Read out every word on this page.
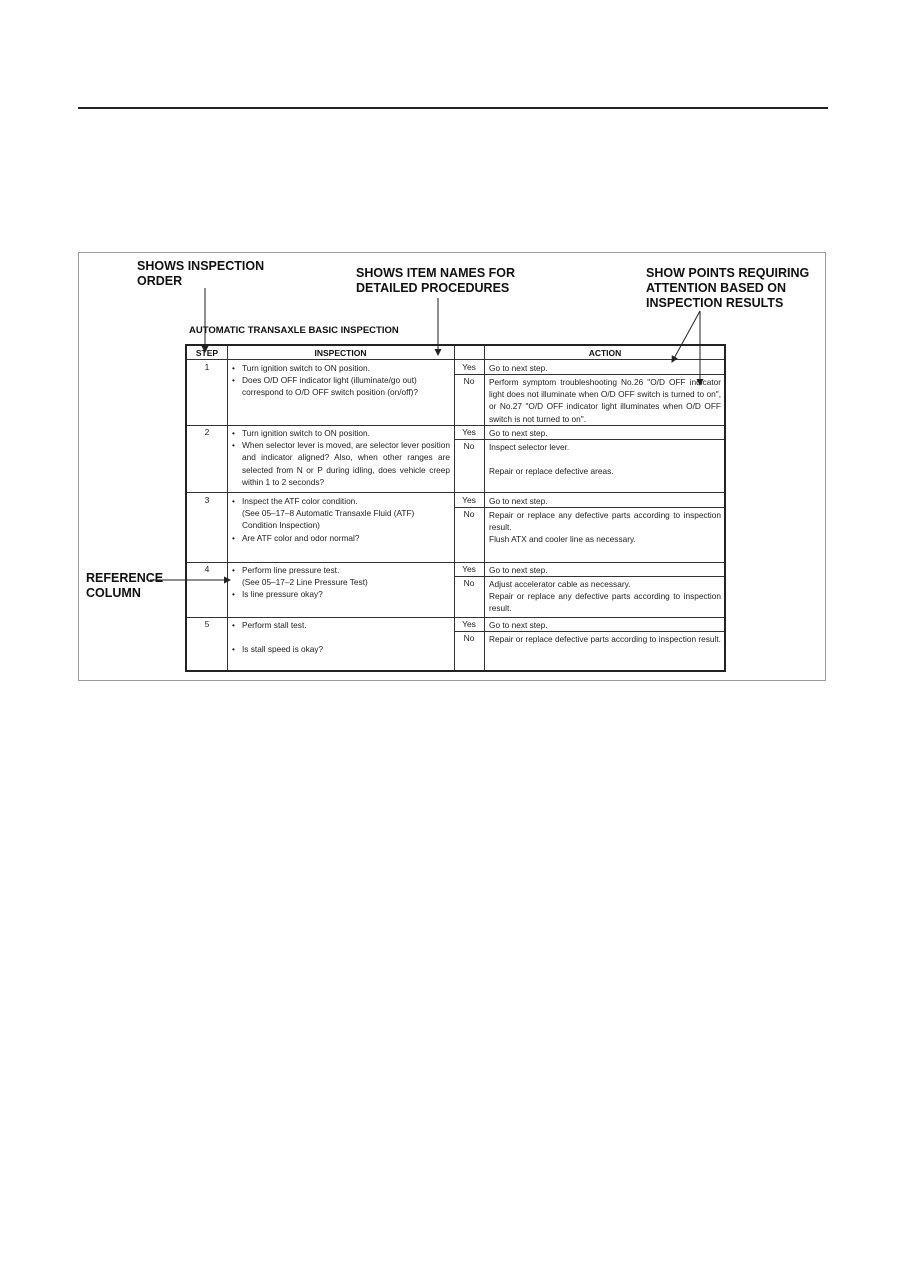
SHOWS INSPECTION
ORDER
SHOWS ITEM NAMES FOR
DETAILED PROCEDURES
SHOW POINTS REQUIRING
ATTENTION BASED ON
INSPECTION RESULTS
REFERENCE
COLUMN
AUTOMATIC TRANSAXLE BASIC INSPECTION
STEP	INSPECTION	ACTION
1	• Turn ignition switch to ON position.
• Does O/D OFF indicator light (illuminate/go out) correspond to O/D OFF switch position (on/off)?
Yes	Go to next step.
No	Perform symptom troubleshooting No.26 "O/D OFF indicator light does not illuminate when O/D OFF switch is turned to on", or No.27 "O/D OFF indicator light illuminates when O/D OFF switch is not turned to on".
2	• Turn ignition switch to ON position.
• When selector lever is moved, are selector lever position and indicator aligned? Also, when other ranges are selected from N or P during idling, does vehicle creep within 1 to 2 seconds?
Yes	Go to next step.
No	Inspect selector lever.
Repair or replace defective areas.
3	• Inspect the ATF color condition.
(See 05–17–8 Automatic Transaxle Fluid (ATF) Condition Inspection)
• Are ATF color and odor normal?
Yes	Go to next step.
No	Repair or replace any defective parts according to inspection result.
Flush ATX and cooler line as necessary.
4	• Perform line pressure test.
(See 05–17–2 Line Pressure Test)
• Is line pressure okay?
Yes	Go to next step.
No	Adjust accelerator cable as necessary.
Repair or replace any defective parts according to inspection result.
5	• Perform stall test.
• Is stall speed is okay?
Yes	Go to next step.
No	Repair or replace defective parts according to inspection result.
